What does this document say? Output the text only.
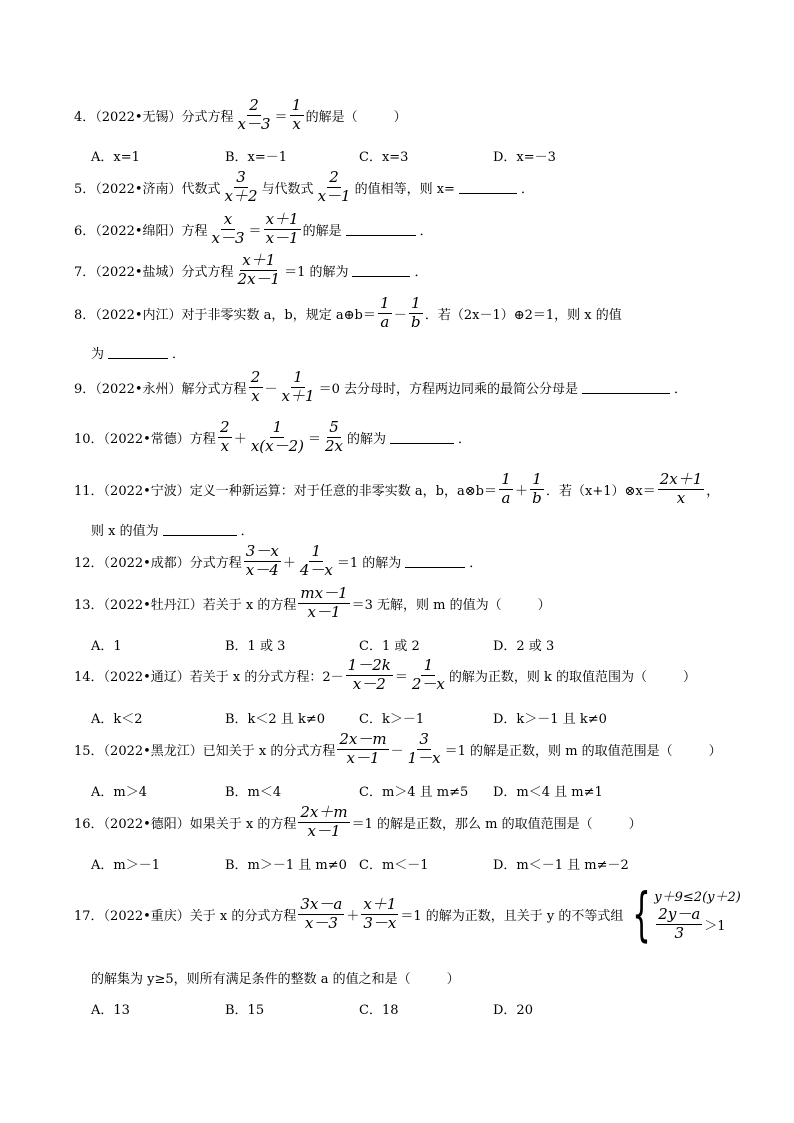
4．（2022•无锡）分式方程 $\frac{2}{x-3} = \frac{1}{x}$ 的解是（	）
A．x=1	B．x=－1	C．x=3	D．x=－3
5．（2022•济南）代数式 $\frac{3}{x+2}$ 与代数式 $\frac{2}{x-1}$ 的值相等，则 x=	．
6．（2022•绵阳）方程 $\frac{x}{x-3} = \frac{x+1}{x-1}$ 的解是	．
7．（2022•盐城）分式方程 $\frac{x+1}{2x-1} =1$ 的解为	．
8．（2022•内江）对于非零实数 a，b，规定 a⊕b＝ $\frac{1}{a} - \frac{1}{b}$ ．若（2x－1）⊕2＝1，则 x 的值
为	．
9．（2022•永州）解分式方程 $\frac{2}{x} - \frac{1}{x+1} =0$ 去分母时，方程两边同乘的最简公分母是	．
10．（2022•常德）方程 $\frac{2}{x} + \frac{1}{x(x-2)} = \frac{5}{2x}$ 的解为	．
11．（2022•宁波）定义一种新运算：对于任意的非零实数 a，b，a⊗b＝ $\frac{1}{a} + \frac{1}{b}$ ．若（x+1）⊗x＝ $\frac{2x+1}{x}$ ，
则 x 的值为	．
12．（2022•成都）分式方程 $\frac{3-x}{x-4} + \frac{1}{4-x} =1$ 的解为	．
13．（2022•牡丹江）若关于 x 的方程 $\frac{mx-1}{x-1} =3$ 无解，则 m 的值为（	）
A．1	B．1 或 3	C．1 或 2	D．2 或 3
14．（2022•通辽）若关于 x 的分式方程：$2- \frac{1-2k}{x-2} = \frac{1}{2-x}$ 的解为正数，则 k 的取值范围为（	）
A．k＜2	B．k＜2 且 k≠0	C．k＞－1	D．k＞－1 且 k≠0
15．（2022•黑龙江）已知关于 x 的分式方程 $\frac{2x-m}{x-1} - \frac{3}{1-x} =1$ 的解是正数，则 m 的取值范围是（	）
A．m＞4	B．m＜4	C．m＞4 且 m≠5	D．m＜4 且 m≠1
16．（2022•德阳）如果关于 x 的方程 $\frac{2x+m}{x-1} =1$ 的解是正数，那么 m 的取值范围是（	）
A．m＞－1	B．m＞－1 且 m≠0 C．m＜－1	D．m＜－1 且 m≠－2
17．（2022•重庆）关于 x 的分式方程 $\frac{3x-a}{x-3} + \frac{x+1}{3-x} =1$ 的解为正数，且关于 y 的不等式组 { y＋9≤2(y＋2)
$\frac{2y-a}{3} >1$
的解集为 y≥5，则所有满足条件的整数 a 的值之和是（	）
A．13	B．15	C．18	D．20
